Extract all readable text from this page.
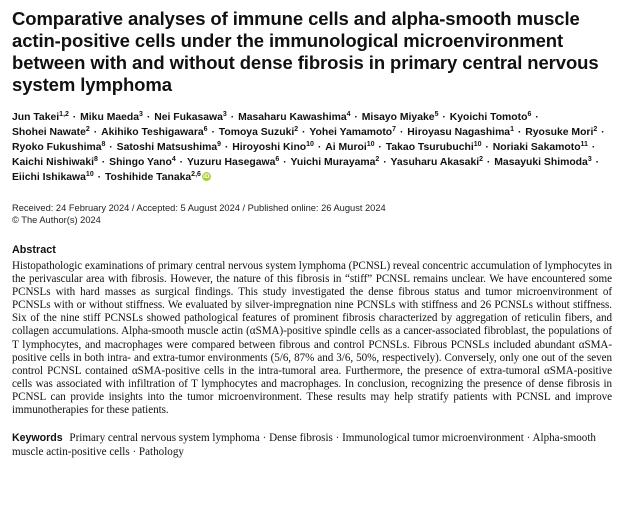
Comparative analyses of immune cells and alpha-smooth muscle actin-positive cells under the immunological microenvironment between with and without dense fibrosis in primary central nervous system lymphoma
Jun Takei$^{1,2}$ · Miku Maeda$^3$ · Nei Fukasawa$^3$ · Masaharu Kawashima$^4$ · Misayo Miyake$^5$ · Kyoichi Tomoto$^6$ · Shohei Nawate$^2$ · Akihiko Teshigawara$^6$ · Tomoya Suzuki$^2$ · Yohei Yamamoto$^7$ · Hiroyasu Nagashima$^1$ · Ryosuke Mori$^2$ · Ryoko Fukushima$^8$ · Satoshi Matsushima$^9$ · Hiroyoshi Kino$^{10}$ · Ai Muroi$^{10}$ · Takao Tsurubuchi$^{10}$ · Noriaki Sakamoto$^{11}$ · Kaichi Nishiwaki$^8$ · Shingo Yano$^4$ · Yuzuru Hasegawa$^6$ · Yuichi Murayama$^2$ · Yasuharu Akasaki$^2$ · Masayuki Shimoda$^3$ · Eiichi Ishikawa$^{10}$ · Toshihide Tanaka$^{2,6}$ iD
Received: 24 February 2024 / Accepted: 5 August 2024 / Published online: 26 August 2024
© The Author(s) 2024
Abstract
Histopathologic examinations of primary central nervous system lymphoma (PCNSL) reveal concentric accumulation of lymphocytes in the perivascular area with fibrosis. However, the nature of this fibrosis in “stiff” PCNSL remains unclear. We have encountered some PCNSLs with hard masses as surgical findings. This study investigated the dense fibrous status and tumor microenvironment of PCNSLs with or without stiffness. We evaluated by silver-impregnation nine PCNSLs with stiffness and 26 PCNSLs without stiffness. Six of the nine stiff PCNSLs showed pathological features of prominent fibrosis characterized by aggregation of reticulin fibers, and collagen accumulations. Alpha-smooth muscle actin (αSMA)-positive spindle cells as a cancer-associated fibroblast, the populations of T lymphocytes, and macrophages were compared between fibrous and control PCNSLs. Fibrous PCNSLs included abundant αSMA-positive cells in both intra- and extra-tumor environments (5/6, 87% and 3/6, 50%, respectively). Conversely, only one out of the seven control PCNSL contained αSMA-positive cells in the intra-tumoral area. Furthermore, the presence of extra-tumoral αSMA-positive cells was associated with infiltration of T lymphocytes and macrophages. In conclusion, recognizing the presence of dense fibrosis in PCNSL can provide insights into the tumor microenvironment. These results may help stratify patients with PCNSL and improve immunotherapies for these patients.
Keywords Primary central nervous system lymphoma · Dense fibrosis · Immunological tumor microenvironment · Alpha-smooth muscle actin-positive cells · Pathology
